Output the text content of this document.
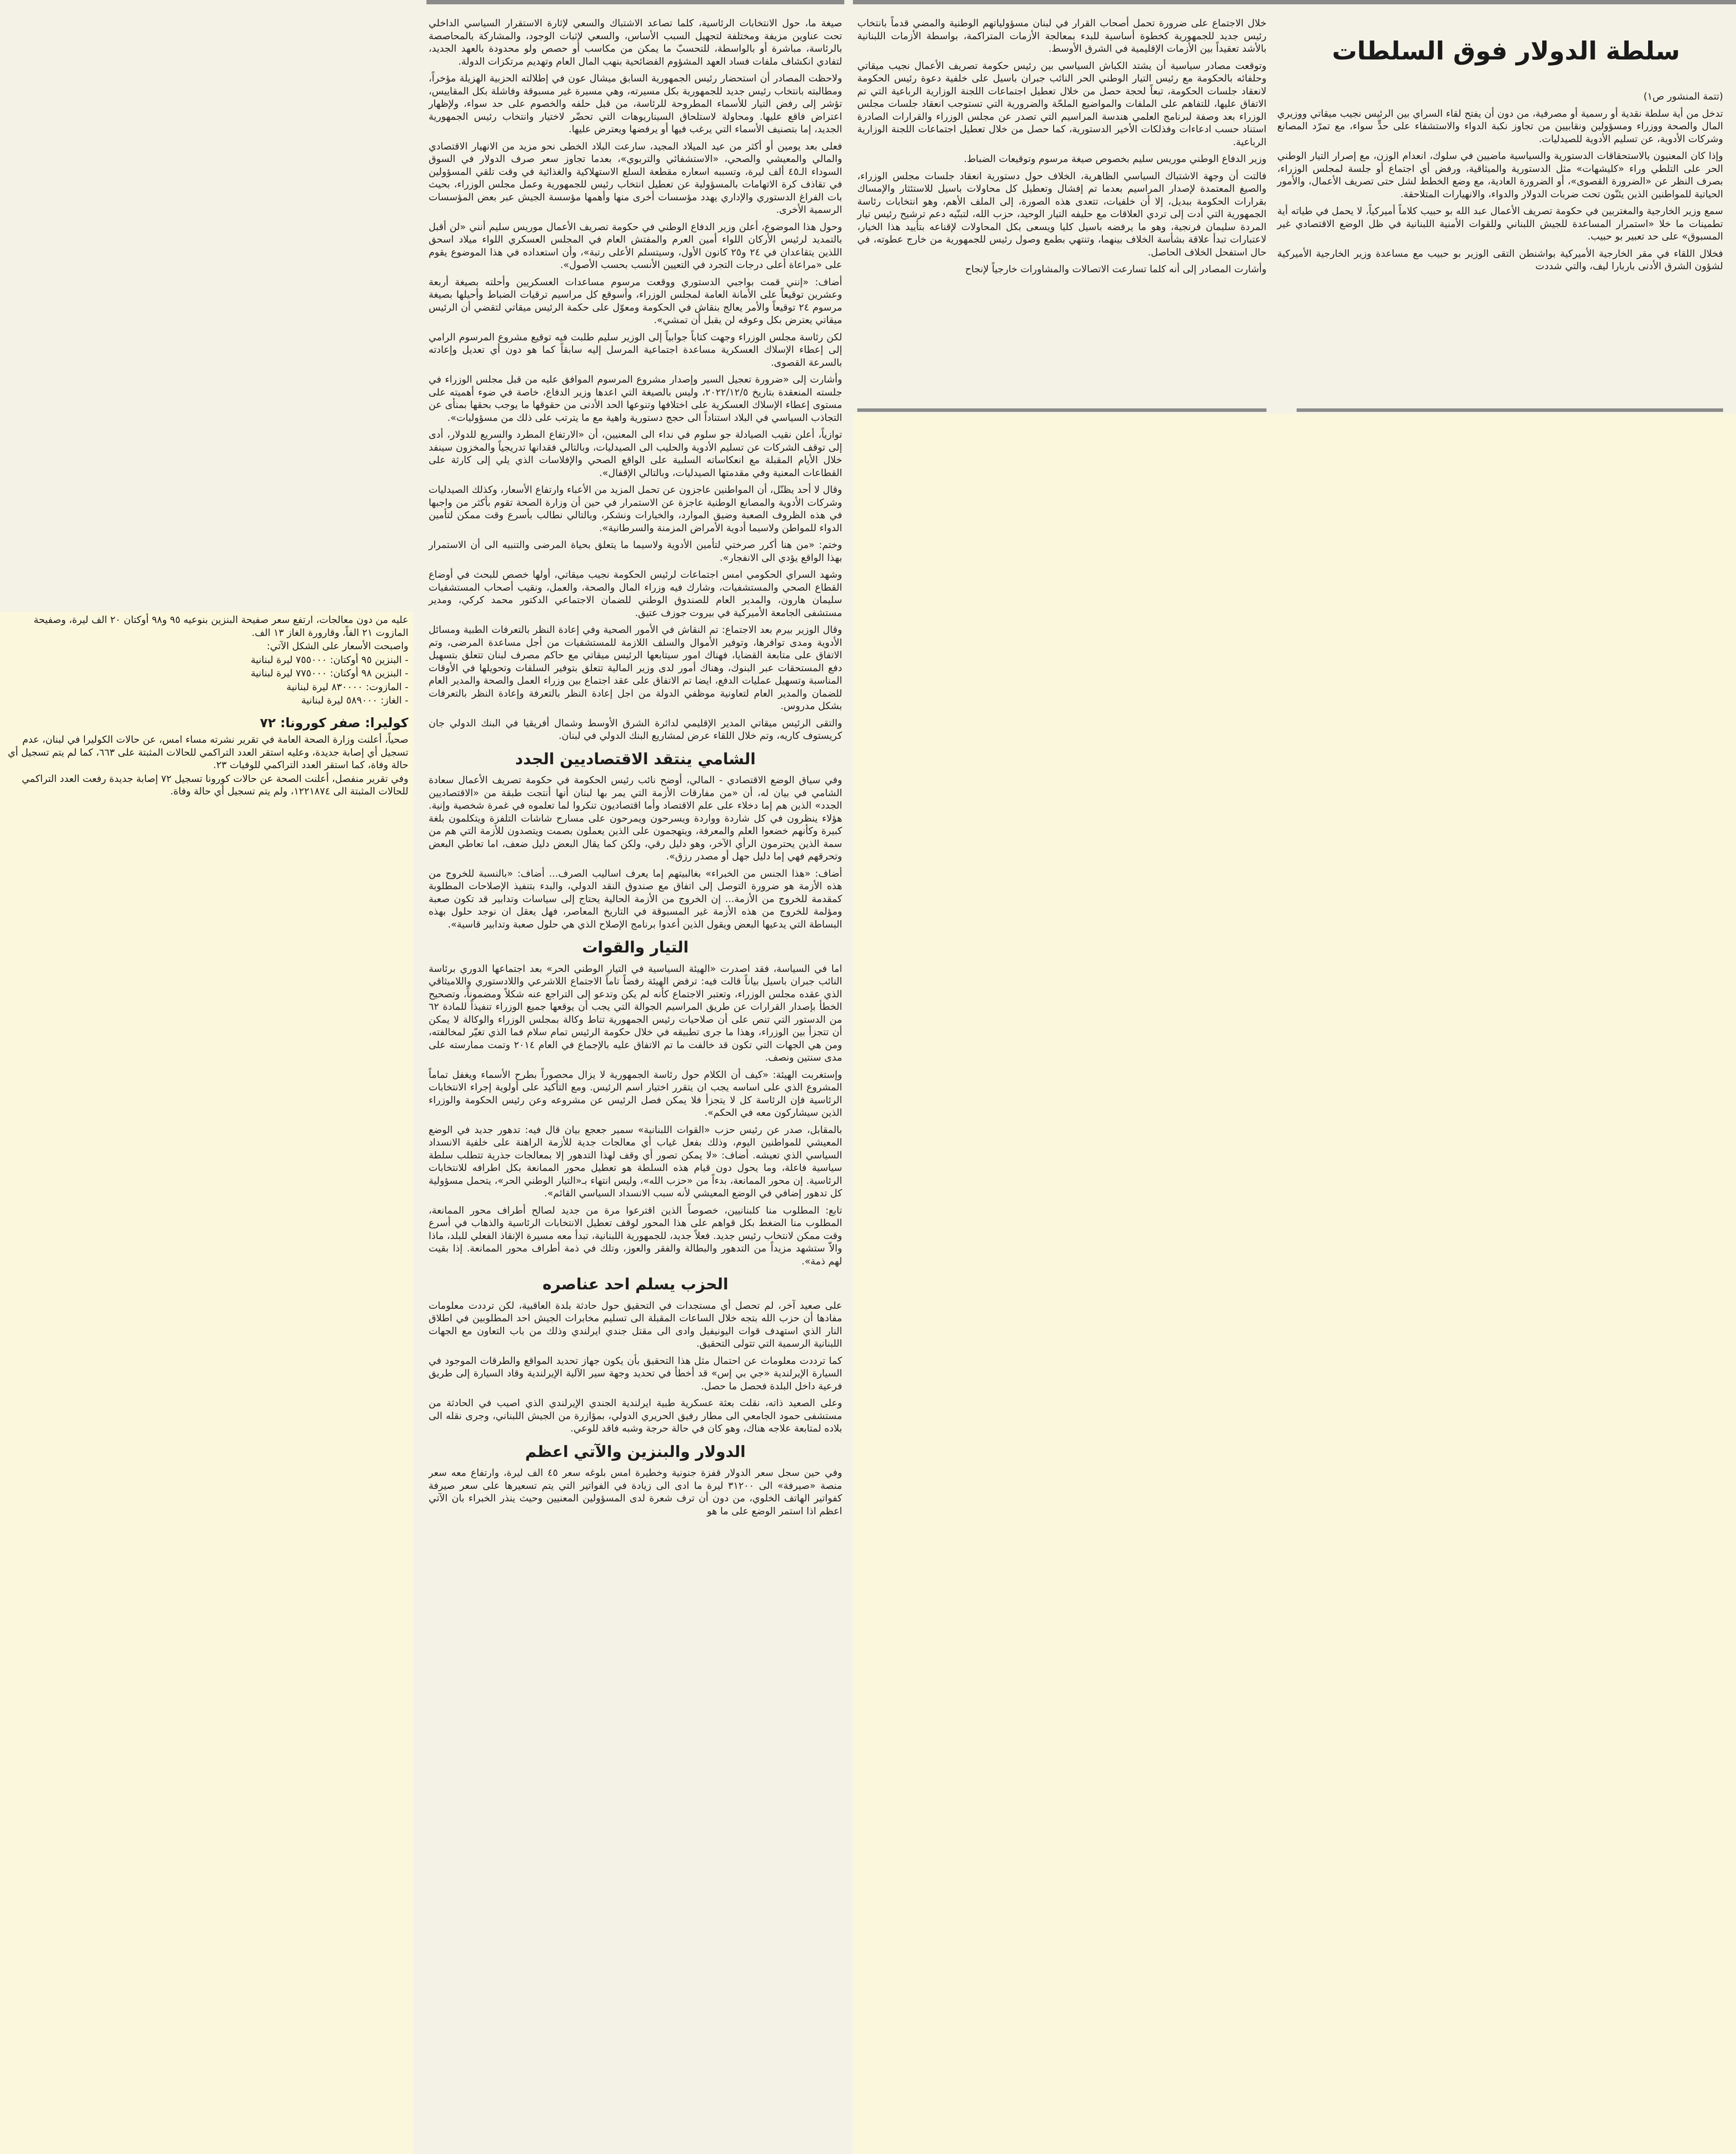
سلطة الدولار فوق السلطات

(تتمة المنشور ص١)

تدخل من أية سلطة نقدية أو رسمية أو مصرفية، من دون أن يفتح لقاء السراي بين الرئيس نجيب ميقاتي ووزيري المال والصحة ووزراء ومسؤولين ونقابيين من تجاوز نكبة الدواء والاستشفاء على حدٍّ سواء، مع تمرّد المصانع وشركات الأدوية، عن تسليم الأدوية للصيدليات.

وإذا كان المعنيون بالاستحقاقات الدستورية والسياسية ماضيين في سلوك، انعدام الوزن، مع إصرار التيار الوطني الحر على التلطي وراء «كليشهات» مثل الدستورية والميثاقية، ورفض أي اجتماع أو جلسة لمجلس الوزراء، بصرف النظر عن «الضرورة القصوى»، أو الضرورة العادية، مع وضع الخطط لشل حتى تصريف الأعمال، والأمور الحياتية للمواطنين الذين يئنّون تحت ضربات الدولار والدواء، والانهيارات المتلاحقة.

سمع وزير الخارجية والمغتربين في حكومة تصريف الأعمال عبد الله بو حبيب كلاماً أميركياً، لا يحمل في طياته أية تطمينات ما خلا «استمرار المساعدة للجيش اللبناني وللقوات الأمنية اللبنانية في ظل الوضع الاقتصادي غير المسبوق» على حد تعبير بو حبيب.

فخلال اللقاء في مقر الخارجية الأميركية بواشنطن التقى الوزير بو حبيب مع مساعدة وزير الخارجية الأميركية لشؤون الشرق الأدنى باربارا ليف، والتي شددت

خلال الاجتماع على ضرورة تحمل أصحاب القرار في لبنان مسؤولياتهم الوطنية والمضي قدماً بانتخاب رئيس جديد للجمهورية كخطوة أساسية للبدء بمعالجة الأزمات المتراكمة، بواسطة الأزمات اللبنانية بالأشد تعقيداً بين الأزمات الإقليمية في الشرق الأوسط.

وتوقعت مصادر سياسية أن يشتد الكباش السياسي بين رئيس حكومة تصريف الأعمال نجيب ميقاتي وحلفائه بالحكومة مع رئيس التيار الوطني الحر النائب جبران باسيل على خلفية دعوة رئيس الحكومة لانعقاد جلسات الحكومة، تبعاً لحجة حصل من خلال تعطيل اجتماعات اللجنة الوزارية الرباعية التي تم الاتفاق عليها، للتفاهم على الملفات والمواضيع الملحّة والضرورية التي تستوجب انعقاد جلسات مجلس الوزراء بعد وصفة لبرنامج العلمي هندسة المراسيم التي تصدر عن مجلس الوزراء والقرارات الصادرة استناد حسب ادعاءات وفذلكات الأخير الدستورية، كما حصل من خلال تعطيل اجتماعات اللجنة الوزارية الرباعية.

وزير الدفاع الوطني موريس سليم بخصوص صيغة مرسوم وتوقيعات الضباط.

فالتت أن وجهة الاشتباك السياسي الظاهرية، الخلاف حول دستورية انعقاد جلسات مجلس الوزراء، والصيغ المعتمدة لإصدار المراسيم بعدما تم إفشال وتعطيل كل محاولات باسيل للاستئثار والإمساك بقرارات الحكومة ببديل، إلا أن خلفيات، تتعدى هذه الصورة، إلى الملف الأهم، وهو انتخابات رئاسة الجمهورية التي أدت إلى تردي العلاقات مع حليفه التيار الوحيد، حزب الله، لتبنّيه دعم ترشيح رئيس تيار المردة سليمان فرنجية، وهو ما يرفضه باسيل كليا ويسعى بكل المحاولات لإقناعه بتأييد هذا الخيار، لاعتبارات تبدأ علاقة بشأسة الخلاف بينهما، وتنتهي بطمع وصول رئيس للجمهورية من خارج عطوته، في حال استفحل الخلاف الحاصل.

وأشارت المصادر إلى أنه كلما تسارعت الاتصالات والمشاورات خارجياً لإنجاح

صيغة ما، حول الانتخابات الرئاسية، كلما تصاعد الاشتباك والسعي لإثارة الاستقرار السياسي الداخلي تحت عناوين مزيفة ومختلفة لتجهيل السبب الأساس، والسعي لإثبات الوجود، والمشاركة بالمحاصصة بالرئاسة، مباشرة أو بالواسطة، للتحسبّ ما يمكن من مكاسب أو حصص ولو محدودة بالعهد الجديد، لتفادي انكشاف ملفات فساد العهد المشؤوم الفضائحية بنهب المال العام وتهديم مرتكزات الدولة.

ولاحظت المصادر أن استحضار رئيس الجمهورية السابق ميشال عون في إطلالته الحزبية الهزيلة مؤخراً، ومطالبته بانتخاب رئيس جديد للجمهورية بكل مسيرته، وهي مسيرة غير مسبوقة وفاشلة بكل المقاييس، تؤشر إلى رفض التيار للأسماء المطروحة للرئاسة، من قبل حلفه والخصوم على حد سواء، ولإظهار اعتراض فاقع عليها. ومحاولة لاستلحاق السيناريوهات التي تحضّر لاختيار وانتخاب رئيس الجمهورية الجديد، إما بتصنيف الأسماء التي يرغب فيها أو يرفضها ويعترض عليها.

فعلى بعد يومين أو أكثر من عيد الميلاد المجيد، سارعت البلاد الخطى نحو مزيد من الانهيار الاقتصادي والمالي والمعيشي والصحي، «الاستشفائي والتربوي»، بعدما تجاوز سعر صرف الدولار في السوق السوداء الـ٤٥ ألف ليرة، وتسببه اسعاره مقطعة السلع الاستهلاكية والغذائية في وقت تلقي المسؤولين في تقاذف كرة الاتهامات بالمسؤولية عن تعطيل انتخاب رئيس للجمهورية وعمل مجلس الوزراء، بحيث بات الفراغ الدستوري والإداري يهدد مؤسسات أخرى منها وأهمها مؤسسة الجيش عبر بعض المؤسسات الرسمية الأخرى.

وحول هذا الموضوع، أعلن وزير الدفاع الوطني في حكومة تصريف الأعمال موريس سليم أنني «لن أقبل بالتمديد لرئيس الأركان اللواء أمين العرم والمفتش العام في المجلس العسكري اللواء ميلاد اسحق اللذين يتقاعدان في ٢٤ و٢٥ كانون الأول، وسيتسلم الأعلى رتبة»، وأن استعداده في هذا الموضوع يقوم على «مراعاة أعلى درجات التجرد في التعيين الأنسب بحسب الأصول».

أضاف: «إنني قمت بواجبي الدستوري ووقعت مرسوم مساعدات العسكريين وأحلته بصيغة أربعة وعشرين توقيعاً على الأمانة العامة لمجلس الوزراء، وأسوقع كل مراسيم ترقيات الضباط وأحيلها بصيغة مرسوم ٢٤ توقيعاً والأمر يعالج بنقاش في الحكومة ومعوّل على حكمة الرئيس ميقاتي لتقضي أن الرئيس ميقاتي يعترض بكل وعوقه لن يقبل أن تمشي».

لكن رئاسة مجلس الوزراء وجهت كتاباً جوابياً إلى الوزير سليم طلبت فيه توقيع مشروع المرسوم الرامي إلى إعطاء الإسلاك العسكرية مساعدة اجتماعية المرسل إليه سابقاً كما هو دون أي تعديل وإعادته بالسرعة القصوى.

وأشارت إلى «ضرورة تعجيل السير وإصدار مشروع المرسوم الموافق عليه من قبل مجلس الوزراء في جلسته المنعقدة بتاريخ ٢٠٢٢/١٢/٥، وليس بالصيغة التي اعدها وزير الدفاع، خاصة في ضوء أهميته على مستوى إعطاء الإسلاك العسكرية على اختلافها وتنوعها الحد الأدنى من حقوقها ما يوجب بحقها بمنأى عن التجاذب السياسي في البلاد استناداً الى حجج دستورية واهية مع ما يترتب على ذلك من مسؤوليات».

توازياً، أعلن نقيب الصيادلة جو سلوم في نداء الى المعنيين، أن «الارتفاع المطرد والسريع للدولار، أدى إلى توقف الشركات عن تسليم الأدوية والحليب الى الصيدليات، وبالتالي فقدانها تدريجياً والمخزون سينفد خلال الأيام المقبلة مع انعكاساته السلبية على الواقع الصحي والإفلاسات الذي يلي إلى كارثة على القطاعات المعنية وفي مقدمتها الصيدليات، وبالتالي الإقفال».

وقال لا أحد يظنّل، أن المواطنين عاجزون عن تحمل المزيد من الأعباء وارتفاع الأسعار، وكذلك الصيدليات وشركات الأدوية والمصانع الوطنية عاجزة عن الاستمرار في حين أن وزارة الصحة تقوم بأكثر من واجبها في هذه الظروف الصعبة وضيق الموارد، والخيارات ونشكر، وبالتالي نطالب بأسرع وقت ممكن لتأمين الدواء للمواطن ولاسيما أدوية الأمراض المزمنة والسرطانية».

وختم: «من هنا أكرر صرختي لتأمين الأدوية ولاسيما ما يتعلق بحياة المرضى والتنبيه الى أن الاستمرار بهذا الواقع يؤدي الى الانفجار».

وشهد السراي الحكومي امس اجتماعات لرئيس الحكومة نجيب ميقاتي، أولها خصص للبحث في أوضاع القطاع الصحي والمستشفيات، وشارك فيه وزراء المال والصحة، والعمل، ونقيب أصحاب المستشفيات سليمان هارون، والمدير العام للصندوق الوطني للضمان الاجتماعي الدكتور محمد كركي، ومدير مستشفى الجامعة الأميركية في بيروت جوزف عتيق.

وقال الوزير بيرم بعد الاجتماع: تم النقاش في الأمور الصحية وفي إعادة النظر بالتعرفات الطبية ومسائل الأدوية ومدى توافرها، وتوفير الأموال والسلف اللازمة للمستشفيات من أجل مساعدة المرضى، وتم الاتفاق على متابعة القضايا، فهناك امور سيتابعها الرئيس ميقاتي مع حاكم مصرف لبنان تتعلق بتسهيل دفع المستحقات عبر البنوك، وهناك أمور لدى وزير المالية تتعلق بتوفير السلفات وتحويلها في الأوقات المناسبة وتسهيل عمليات الدفع، ايضا تم الاتفاق على عقد اجتماع بين وزراء العمل والصحة والمدير العام للضمان والمدير العام لتعاونية موظفي الدولة من اجل إعادة النظر بالتعرفة وإعادة النظر بالتعرفات بشكل مدروس.

والتقى الرئيس ميقاتي المدير الإقليمي لدائرة الشرق الأوسط وشمال أفريقيا في البنك الدولي جان كريستوف كاريه، وتم خلال اللقاء عرض لمشاريع البنك الدولي في لبنان.

الشامي ينتقد الاقتصاديين الجدد

وفي سياق الوضع الاقتصادي - المالي، أوضح نائب رئيس الحكومة في حكومة تصريف الأعمال سعادة الشامي في بيان له، أن «من مفارقات الأزمة التي يمر بها لبنان أنها أنتجت طبقة من «الاقتصاديين الجدد» الذين هم إما دخلاء على علم الاقتصاد وأما اقتصاديون تنكروا لما تعلموه في غمرة شخصية وإنية. هؤلاء ينظرون في كل شاردة وواردة ويسرحون ويمرحون على مسارح شاشات التلفزة ويتكلمون بلغة كبيرة وكأنهم خضعوا العلم والمعرفة، ويتهجمون على الذين يعملون بصمت ويتصدون للأزمة التي هم من سمة الذين يحترمون الرأي الآخر، وهو دليل رقي، ولكن كما يقال البعض دليل ضعف، اما تعاطي البعض وتحرقهم فهي إما دليل جهل أو مصدر رزق».

أضاف: «هذا الجنس من الخبراء» بغالبيتهم إما يعرف اساليب الصرف... أضاف: «بالنسبة للخروج من هذه الأزمة هو ضرورة التوصل إلى اتفاق مع صندوق النقد الدولي، والبدء بتنفيذ الإصلاحات المطلوبة كمقدمة للخروج من الأزمة... إن الخروج من الأزمة الحالية يحتاج إلى سياسات وتدابير قد تكون صعبة ومؤلمة للخروج من هذه الأزمة غير المسبوقة في التاريخ المعاصر، فهل يعقل ان نوجد حلول بهذه البساطة التي يدعيها البعض ويقول الذين أعدوا برنامج الإصلاح الذي هي حلول صعبة وتدابير قاسية».

التيار والقوات

اما في السياسة، فقد اصدرت «الهيئة السياسية في التيار الوطني الحر» بعد اجتماعها الدوري برئاسة النائب جبران باسيل بياناً قالت فيه: ترفض الهيئة رفضاً تاماً الاجتماع اللاشرعي واللادستوري واللاميثاقي الذي عقده مجلس الوزراء، وتعتبر الاجتماع كأنه لم يكن وتدعو إلى التراجع عنه شكلاً ومضموناً، وتصحيح الخطأ بإصدار القرارات عن طريق المراسيم الجوالة التي يجب أن يوقعها جميع الوزراء تنفيذاً للمادة ٦٢ من الدستور التي تنص على أن صلاحيات رئيس الجمهورية تناط وكالة بمجلس الوزراء والوكالة لا يمكن أن تتجزأ بين الوزراء، وهذا ما جرى تطبيقه في خلال حكومة الرئيس تمام سلام فما الذي تغيّر لمخالفته، ومن هي الجهات التي تكون قد خالفت ما تم الاتفاق عليه بالإجماع في العام ٢٠١٤ وتمت ممارسته على مدى سنتين ونصف.

وإستغربت الهيئة: «كيف أن الكلام حول رئاسة الجمهورية لا يزال محصوراً بطرح الأسماء ويغفل تماماً المشروع الذي على اساسه يجب ان يتقرر اختيار اسم الرئيس. ومع التأكيد على أولوية إجراء الانتخابات الرئاسية فإن الرئاسة كل لا يتجزأ فلا يمكن فصل الرئيس عن مشروعه وعن رئيس الحكومة والوزراء الذين سيشاركون معه في الحكم».

بالمقابل، صدر عن رئيس حزب «القوات اللبنانية» سمير جعجع بيان قال فيه: تدهور جديد في الوضع المعيشي للمواطنين اليوم، وذلك بفعل غياب أي معالجات جدية للأزمة الراهنة على خلفية الانسداد السياسي الذي تعيشه. أضاف: «لا يمكن تصور أي وقف لهذا التدهور إلا بمعالجات جذرية تتطلب سلطة سياسية فاعلة، وما يحول دون قيام هذه السلطة هو تعطيل محور الممانعة بكل اطرافه للانتخابات الرئاسية. إن محور الممانعة، بدءاً من «حزب الله»، وليس انتهاء بـ«التيار الوطني الحر»، يتحمل مسؤولية كل تدهور إضافي في الوضع المعيشي لأنه سبب الانسداد السياسي القائم».

تابع: المطلوب منا كلبنانيين، خصوصاً الذين اقترعوا مرة من جديد لصالح أطراف محور الممانعة، المطلوب منا الضغط بكل قواهم على هذا المحور لوقف تعطيل الانتخابات الرئاسية والذهاب في أسرع وقت ممكن لانتخاب رئيس جديد. فعلاً جديد، للجمهورية اللبنانية، تبدأ معه مسيرة الإنقاذ الفعلي للبلد، ماذا والاّ ستشهد مزيداً من التدهور والبطالة والفقر والعوز، وتلك في ذمة أطراف محور الممانعة. إذا بقيت لهم ذمة».

الحزب يسلم احد عناصره

على صعيد آخر، لم تحصل أي مستجدات في التحقيق حول حادثة بلدة العاقبية، لكن ترددت معلومات مفادها أن حزب الله بتجه خلال الساعات المقبلة الى تسليم مخابرات الجيش احد المطلوبين في اطلاق النار الذي استهدف قوات اليونيفيل وادى الى مقتل جندي ايرلندي وذلك من باب التعاون مع الجهات اللبنانية الرسمية التي تتولى التحقيق.

كما ترددت معلومات عن احتمال مثل هذا التحقيق بأن يكون جهاز تحديد المواقع والطرقات الموجود في السيارة الإيرلندية «جي بي إس» قد أخطأ في تحديد وجهة سير الآلية الإيرلندية وقاد السيارة إلى طريق فرعية داخل البلدة فحصل ما حصل.

وعلى الصعيد ذاته، نقلت بعثة عسكرية طبية ايرلندية الجندي الإيرلندي الذي اصيب في الحادثة من مستشفى حمود الجامعي الى مطار رفيق الحريري الدولي، بمؤازرة من الجيش اللبناني، وجرى نقله الى بلاده لمتابعة علاجه هناك، وهو كان في حالة حرجة وشبه فاقد للوعي.

الدولار والبنزين والآتي اعظم

وفي حين سجل سعر الدولار قفزة جنونية وخطيرة امس بلوغه سعر ٤٥ الف ليرة، وارتفاع معه سعر منصة «صيرفة» الى ٣١٢٠٠ ليرة ما ادى الى زيادة في الفواتير التي يتم تسعيرها على سعر صيرفة كفواتير الهاتف الخلوي، من دون أن ترف شعرة لدى المسؤولين المعنيين وحيث ينذر الخبراء بان الآتي اعظم اذا استمر الوضع على ما هو

عليه من دون معالجات، ارتفع سعر صفيحة البنزين بنوعيه ٩٥ و٩٨ أوكتان ٢٠ الف ليرة، وصفيحة المازوت ٢١ الفاً، وقارورة الغاز ١٣ الف.

واصبحت الأسعار على الشكل الآتي:

- البنزين ٩٥ أوكتان: ٧٥٥٠٠٠ ليرة لبنانية

- البنزين ٩٨ أوكتان: ٧٧٥٠٠٠ ليرة لبنانية

- المازوت: ٨٣٠٠٠٠ ليرة لبنانية

- الغاز: ٥٨٩٠٠٠ ليرة لبنانية

كوليرا: صفر كورونا: ٧٢

صحياً، أعلنت وزارة الصحة العامة في تقرير نشرته مساء امس، عن حالات الكوليرا في لبنان، عدم تسجيل أي إصابة جديدة، وعليه استقر العدد التراكمي للحالات المثبتة على ٦٦٣، كما لم يتم تسجيل أي حالة وفاة، كما استقر العدد التراكمي للوفيات ٢٣.

وفي تقرير منفصل، أعلنت الصحة عن حالات كورونا تسجيل ٧٢ إصابة جديدة رفعت العدد التراكمي للحالات المثبتة الى ١٢٢١٨٧٤، ولم يتم تسجيل أي حالة وفاة.
